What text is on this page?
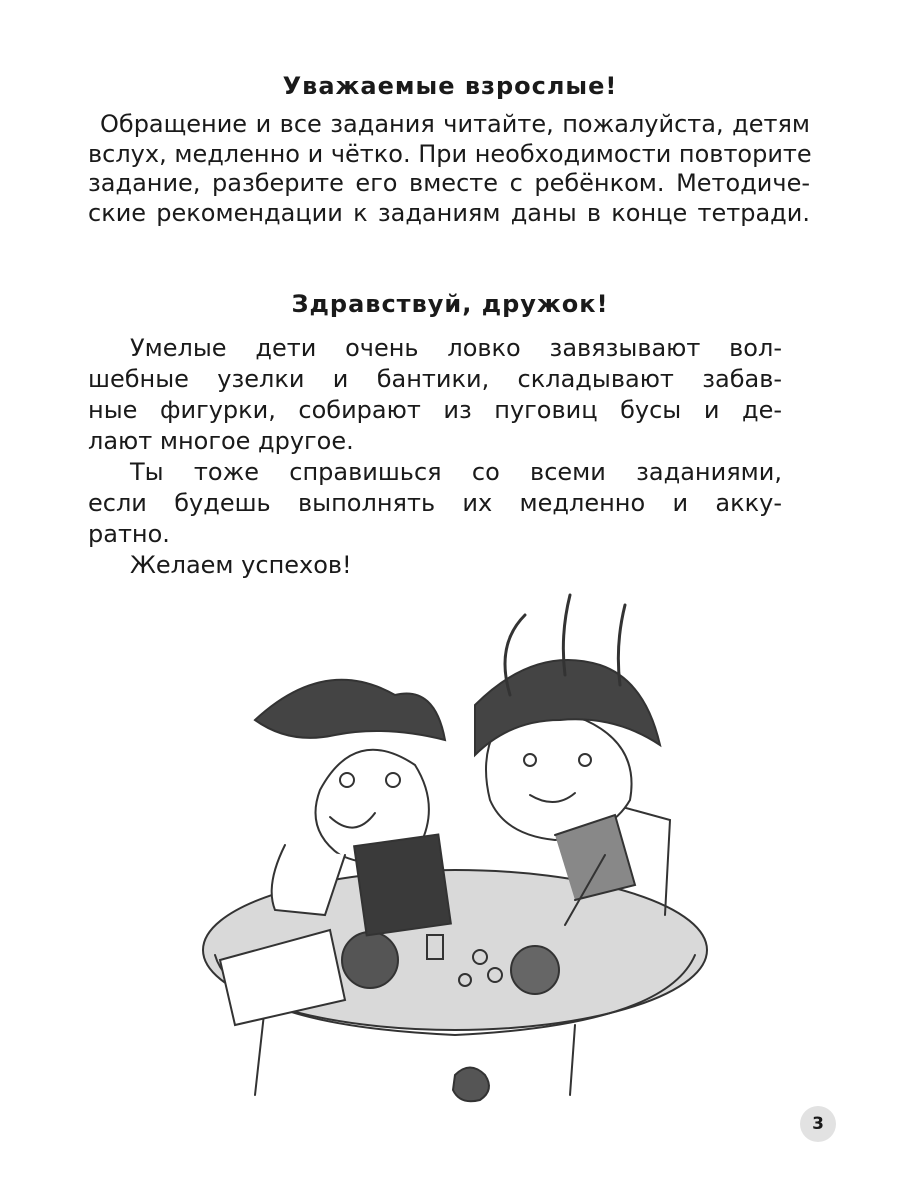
Уважаемые взрослые!
Обращение и все задания читайте, пожалуйста, детям
вслух, медленно и чётко. При необходимости повторите
задание, разберите его вместе с ребёнком. Методиче-
ские рекомендации к заданиям даны в конце тетради.
Здравствуй, дружок!
Умелые дети очень ловко завязывают вол-
шебные узелки и бантики, складывают забав-
ные фигурки, собирают из пуговиц бусы и де-
лают многое другое.
Ты тоже справишься со всеми заданиями,
если будешь выполнять их медленно и акку-
ратно.
Желаем успехов!
3
